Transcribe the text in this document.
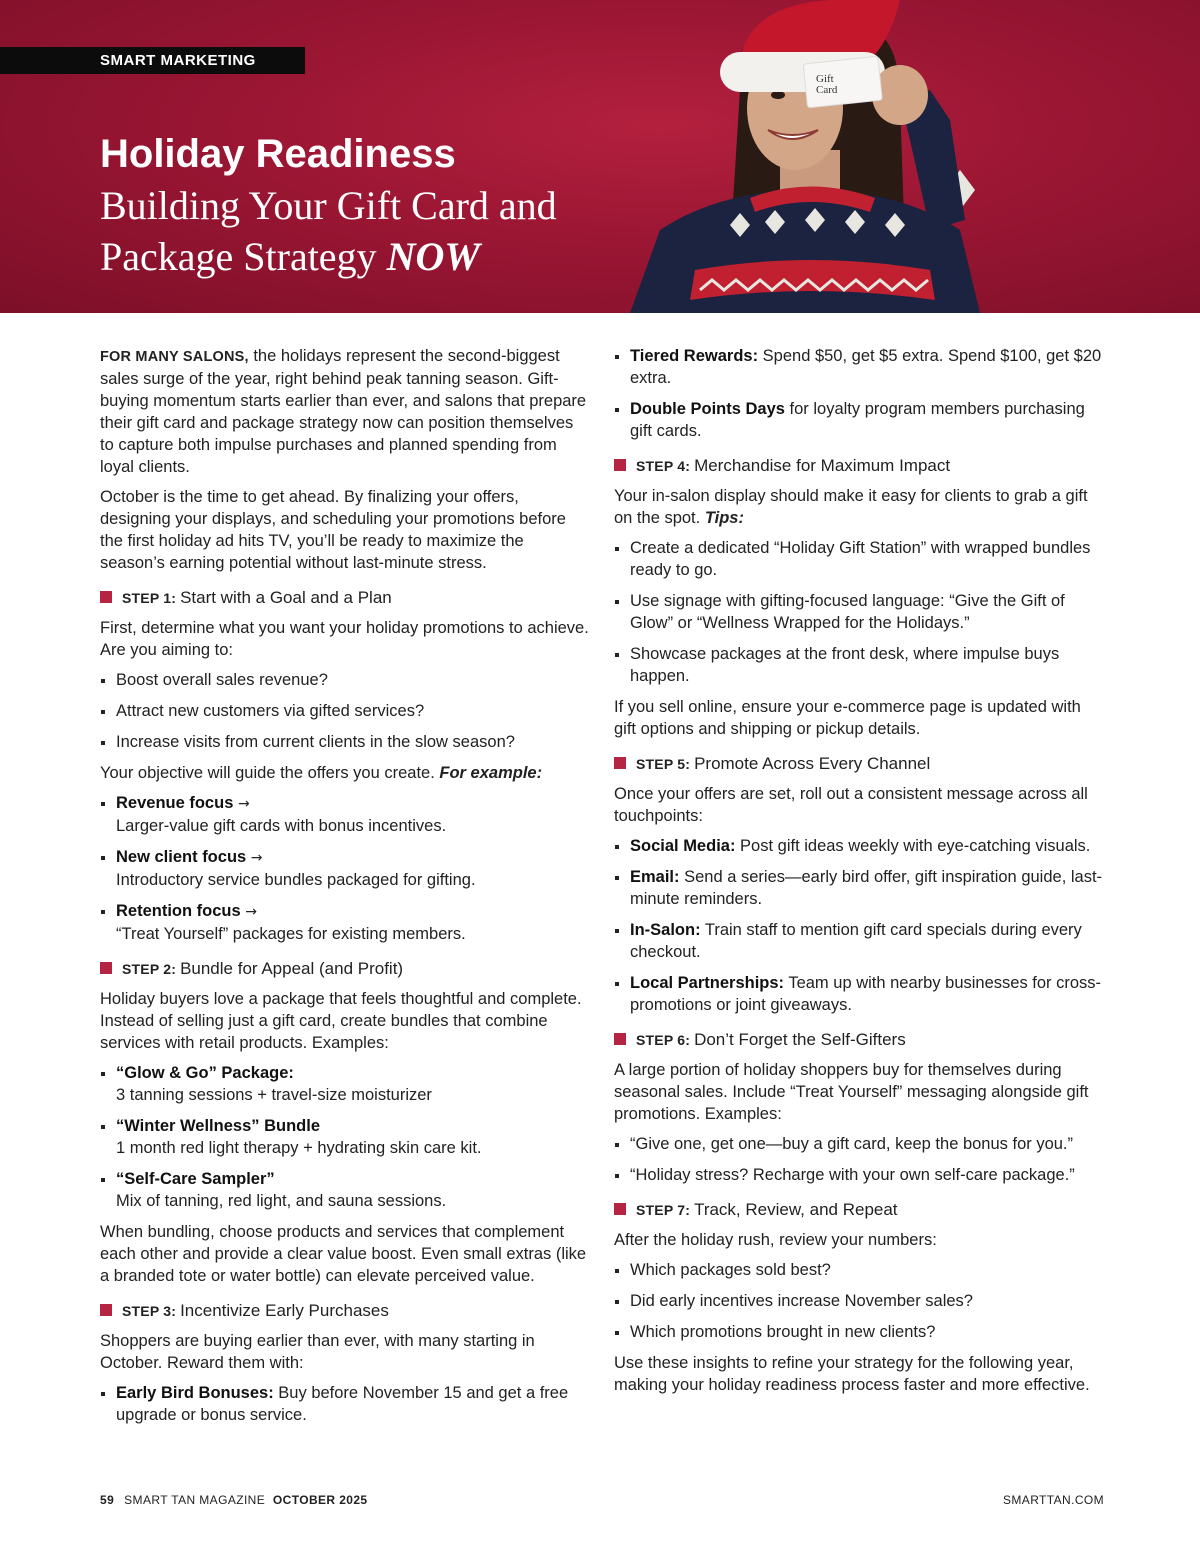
SMART MARKETING
Holiday Readiness
Building Your Gift Card and Package Strategy NOW
Gift
Card

FOR MANY SALONS, the holidays represent the second-biggest sales surge of the year, right behind peak tanning season. Gift-buying momentum starts earlier than ever, and salons that prepare their gift card and package strategy now can position themselves to capture both impulse purchases and planned spending from loyal clients.

October is the time to get ahead. By finalizing your offers, designing your displays, and scheduling your promotions before the first holiday ad hits TV, you’ll be ready to maximize the season’s earning potential without last-minute stress.

STEP 1: Start with a Goal and a Plan

First, determine what you want your holiday promotions to achieve. Are you aiming to:

Boost overall sales revenue?
Attract new customers via gifted services?
Increase visits from current clients in the slow season?

Your objective will guide the offers you create. For example:

Revenue focus →
Larger-value gift cards with bonus incentives.
New client focus →
Introductory service bundles packaged for gifting.
Retention focus →
“Treat Yourself” packages for existing members.
STEP 2: Bundle for Appeal (and Profit)

Holiday buyers love a package that feels thoughtful and complete. Instead of selling just a gift card, create bundles that combine services with retail products. Examples:

“Glow & Go” Package:
3 tanning sessions + travel-size moisturizer
“Winter Wellness” Bundle
1 month red light therapy + hydrating skin care kit.
“Self-Care Sampler”
Mix of tanning, red light, and sauna sessions.

When bundling, choose products and services that complement each other and provide a clear value boost. Even small extras (like a branded tote or water bottle) can elevate perceived value.

STEP 3: Incentivize Early Purchases

Shoppers are buying earlier than ever, with many starting in October. Reward them with:

Early Bird Bonuses: Buy before November 15 and get a free upgrade or bonus service.
Tiered Rewards: Spend $50, get $5 extra. Spend $100, get $20 extra.
Double Points Days for loyalty program members purchasing gift cards.
STEP 4: Merchandise for Maximum Impact

Your in-salon display should make it easy for clients to grab a gift on the spot. Tips:

Create a dedicated “Holiday Gift Station” with wrapped bundles ready to go.
Use signage with gifting-focused language: “Give the Gift of Glow” or “Wellness Wrapped for the Holidays.”
Showcase packages at the front desk, where impulse buys happen.

If you sell online, ensure your e-commerce page is updated with gift options and shipping or pickup details.

STEP 5: Promote Across Every Channel

Once your offers are set, roll out a consistent message across all touchpoints:

Social Media: Post gift ideas weekly with eye-catching visuals.
Email: Send a series—early bird offer, gift inspiration guide, last-minute reminders.
In-Salon: Train staff to mention gift card specials during every checkout.
Local Partnerships: Team up with nearby businesses for cross-promotions or joint giveaways.
STEP 6: Don’t Forget the Self-Gifters

A large portion of holiday shoppers buy for themselves during seasonal sales. Include “Treat Yourself” messaging alongside gift promotions. Examples:

“Give one, get one—buy a gift card, keep the bonus for you.”
“Holiday stress? Recharge with your own self-care package.”
STEP 7: Track, Review, and Repeat

After the holiday rush, review your numbers:

Which packages sold best?
Did early incentives increase November sales?
Which promotions brought in new clients?

Use these insights to refine your strategy for the following year, making your holiday readiness process faster and more effective.

59 SMART TAN MAGAZINE OCTOBER 2025	SMARTTAN.COM
